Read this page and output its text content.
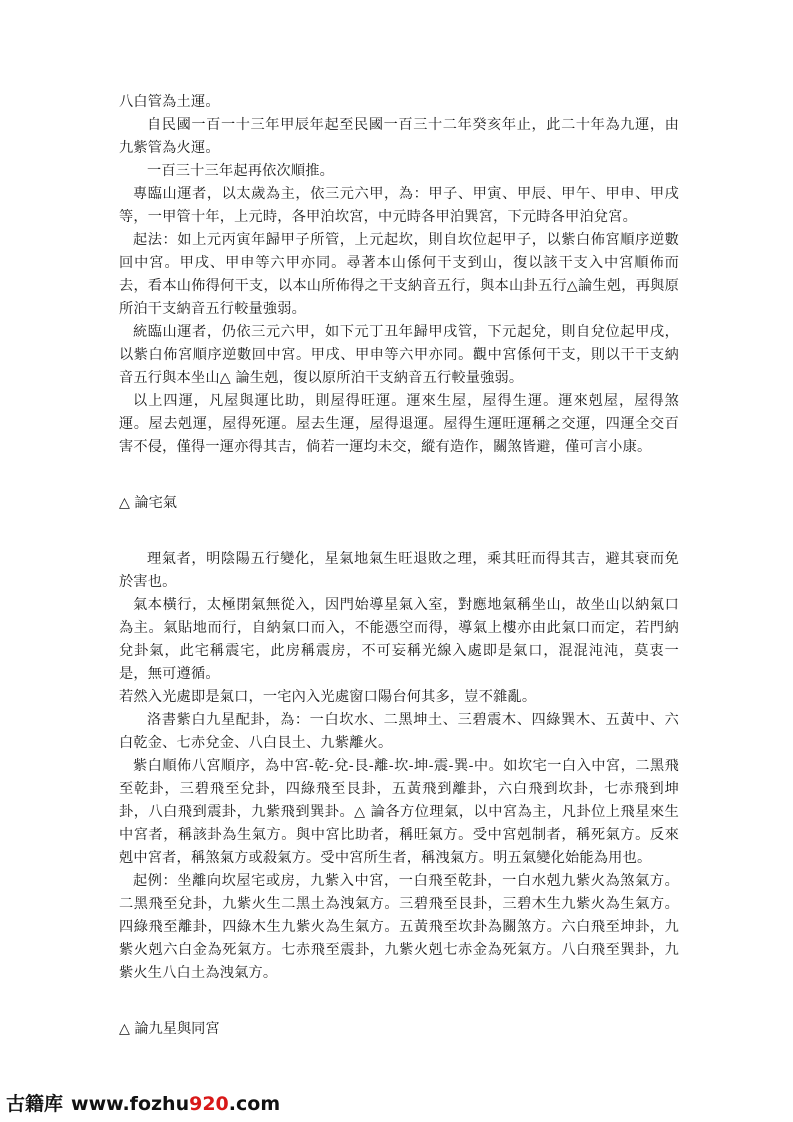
八白管為土運。

自民國一百一十三年甲辰年起至民國一百三十二年癸亥年止，此二十年為九運，由九紫管為火運。

一百三十三年起再依次順推。

專臨山運者，以太歲為主，依三元六甲，為：甲子、甲寅、甲辰、甲午、甲申、甲戌等，一甲管十年，上元時，各甲泊坎宮，中元時各甲泊巽宮，下元時各甲泊兌宮。

起法：如上元丙寅年歸甲子所管，上元起坎，則自坎位起甲子，以紫白佈宮順序逆數回中宮。甲戌、甲申等六甲亦同。尋著本山係何干支到山，復以該干支入中宮順佈而去，看本山佈得何干支，以本山所佈得之干支納音五行，與本山卦五行△論生剋，再與原所泊干支納音五行較量強弱。

統臨山運者，仍依三元六甲，如下元丁丑年歸甲戌管，下元起兌，則自兌位起甲戌，以紫白佈宮順序逆數回中宮。甲戌、甲申等六甲亦同。觀中宮係何干支，則以干干支納音五行與本坐山△ 論生剋，復以原所泊干支納音五行較量強弱。

以上四運，凡屋與運比助，則屋得旺運。運來生屋，屋得生運。運來剋屋，屋得煞運。屋去剋運，屋得死運。屋去生運，屋得退運。屋得生運旺運稱之交運，四運全交百害不侵，僅得一運亦得其吉，倘若一運均未交，縱有造作，關煞皆避，僅可言小康。

△ 論宅氣

理氣者，明陰陽五行變化，星氣地氣生旺退敗之理，乘其旺而得其吉，避其衰而免於害也。

氣本橫行，太極閉氣無從入，因門始導星氣入室，對應地氣稱坐山，故坐山以納氣口為主。氣貼地而行，自納氣口而入，不能憑空而得，導氣上樓亦由此氣口而定，若門納兌卦氣，此宅稱震宅，此房稱震房，不可妄稱光線入處即是氣口，混混沌沌，莫衷一是，無可遵循。

若然入光處即是氣口，一宅內入光處窗口陽台何其多，豈不雜亂。

洛書紫白九星配卦，為：一白坎水、二黑坤土、三碧震木、四綠巽木、五黃中、六白乾金、七赤兌金、八白艮土、九紫離火。

紫白順佈八宮順序，為中宮-乾-兌-艮-離-坎-坤-震-巽-中。如坎宅一白入中宮，二黑飛至乾卦，三碧飛至兌卦，四綠飛至艮卦，五黃飛到離卦，六白飛到坎卦，七赤飛到坤卦，八白飛到震卦，九紫飛到巽卦。△ 論各方位理氣，以中宮為主，凡卦位上飛星來生中宮者，稱該卦為生氣方。與中宮比助者，稱旺氣方。受中宮剋制者，稱死氣方。反來剋中宮者，稱煞氣方或殺氣方。受中宮所生者，稱洩氣方。明五氣變化始能為用也。

起例：坐離向坎屋宅或房，九紫入中宮，一白飛至乾卦，一白水剋九紫火為煞氣方。二黑飛至兌卦，九紫火生二黑土為洩氣方。三碧飛至艮卦，三碧木生九紫火為生氣方。四綠飛至離卦，四綠木生九紫火為生氣方。五黃飛至坎卦為關煞方。六白飛至坤卦，九紫火剋六白金為死氣方。七赤飛至震卦，九紫火剋七赤金為死氣方。八白飛至巽卦，九紫火生八白土為洩氣方。

△ 論九星與同宮

古籍库 www.fozhu920.com
